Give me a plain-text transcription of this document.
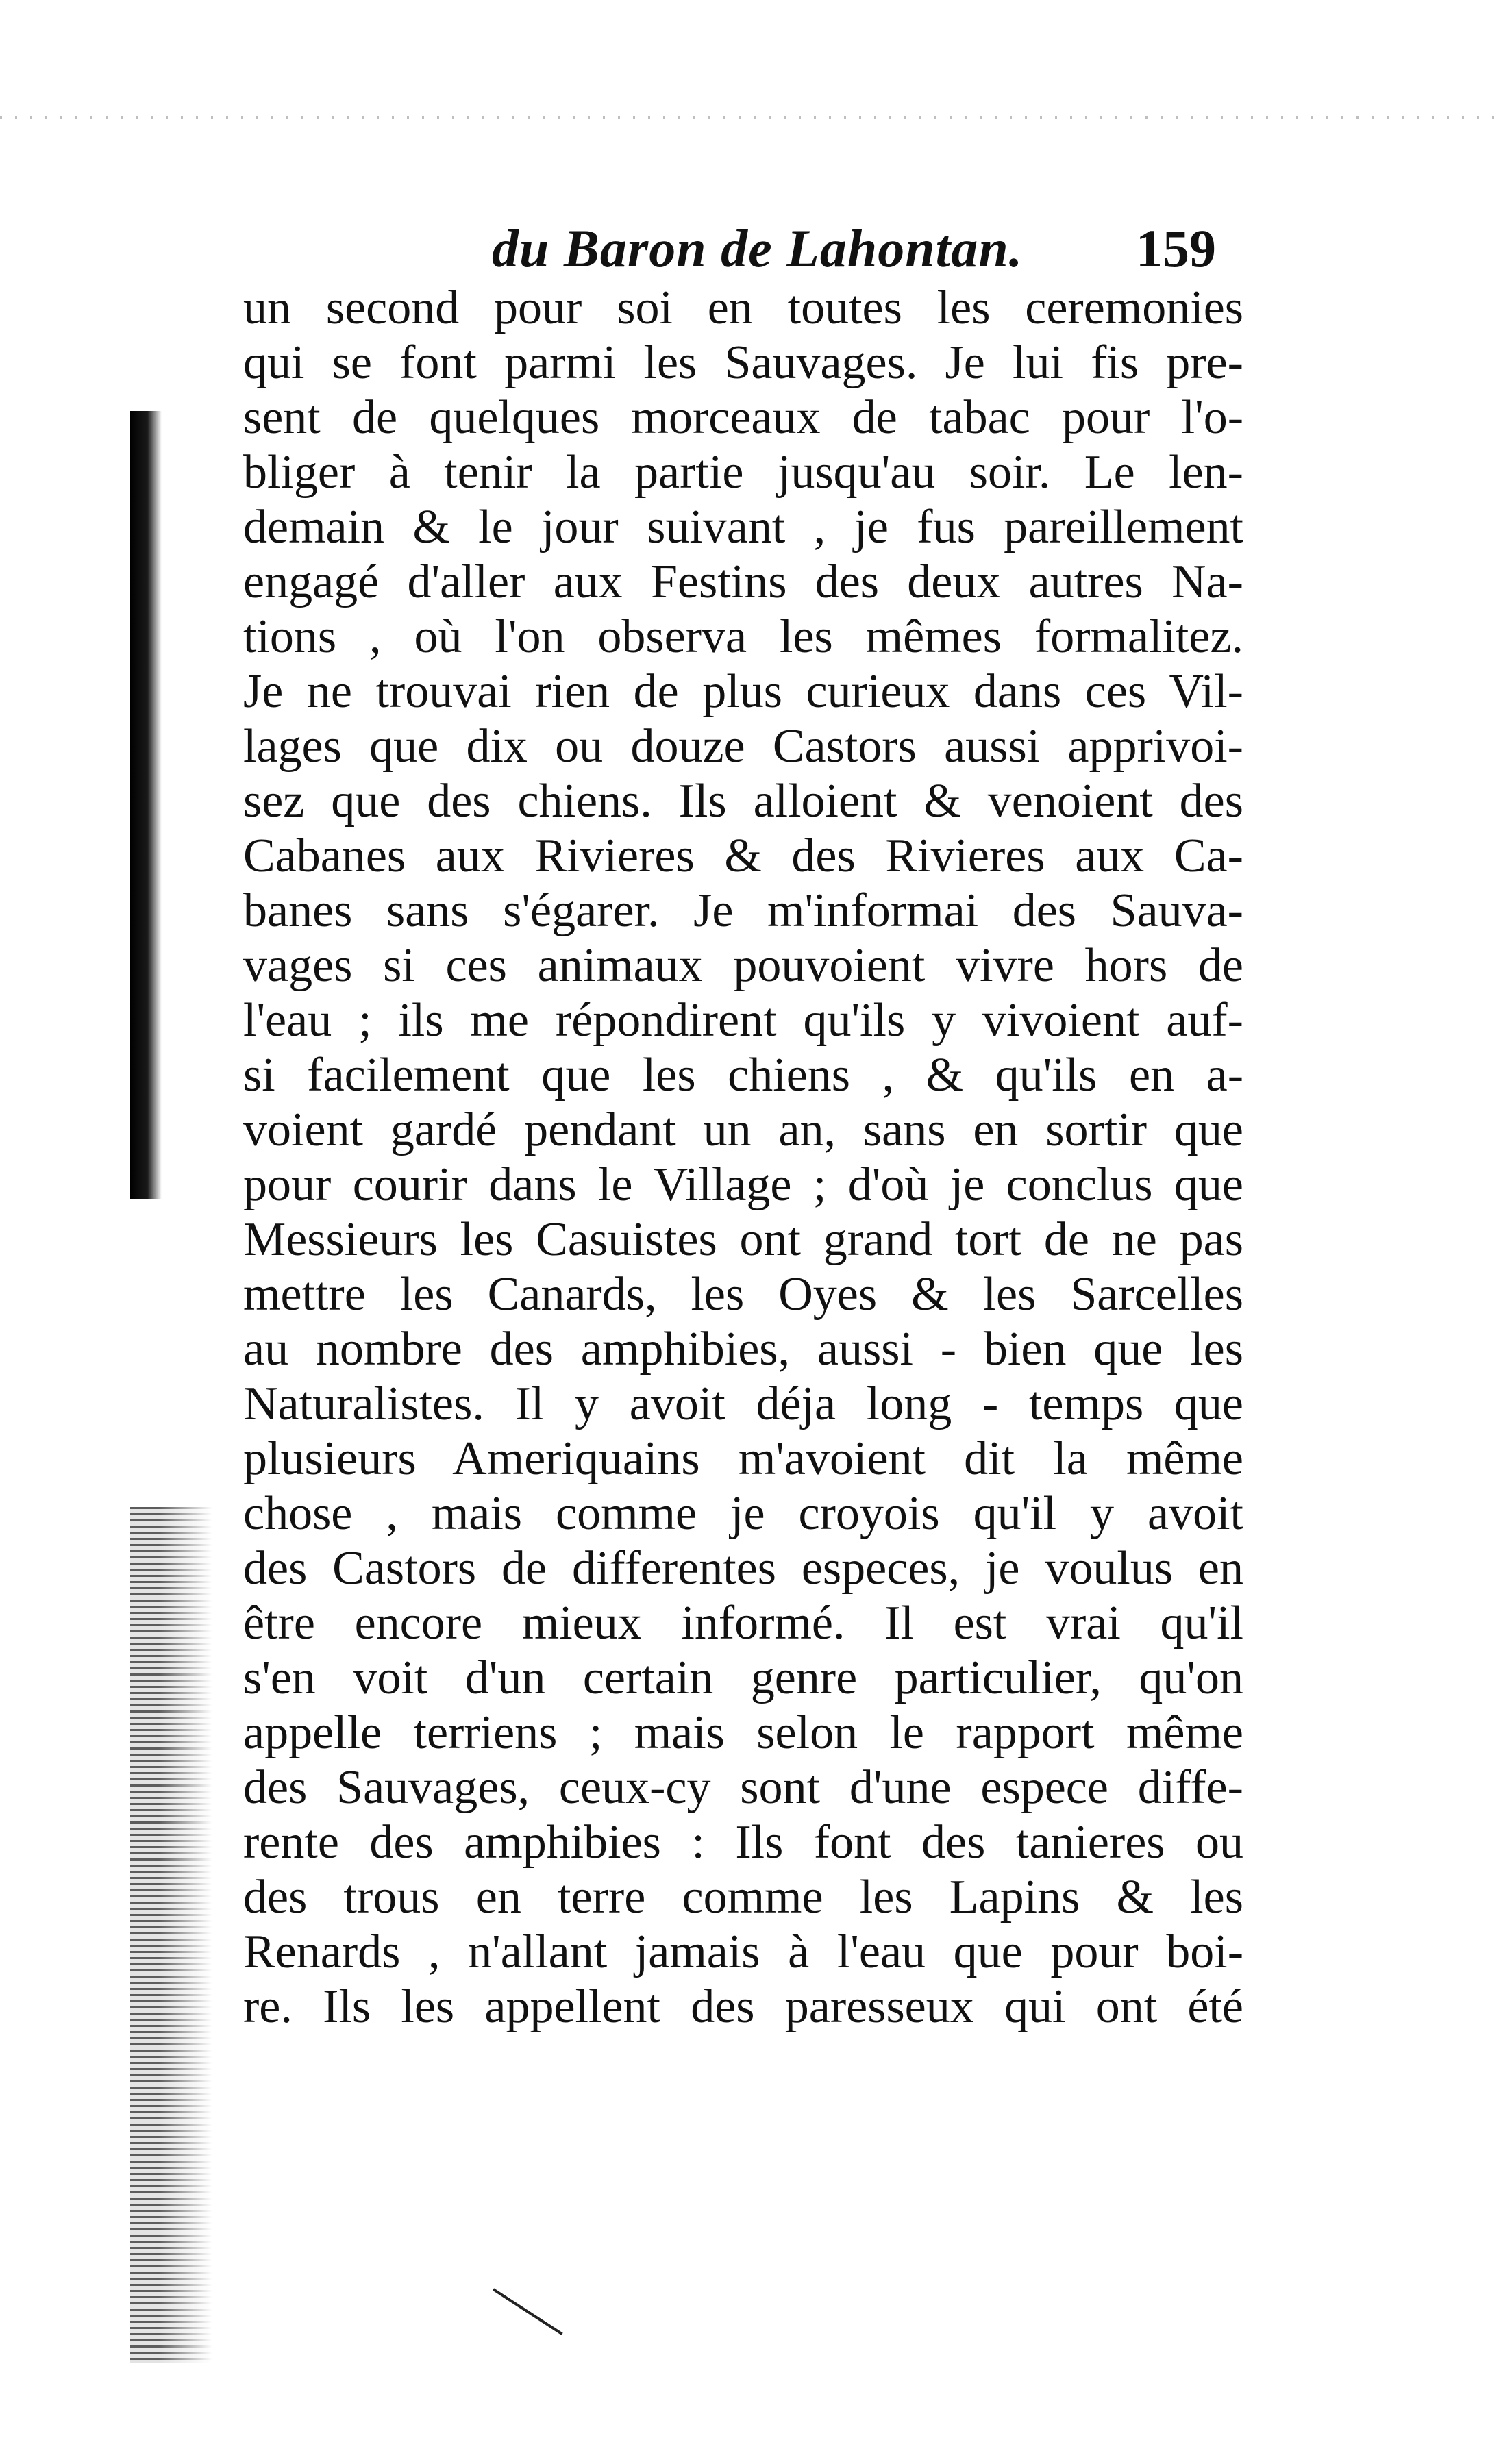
du Baron de Lahontan. 159
un second pour soi en toutes les ceremonies
qui se font parmi les Sauvages. Je lui fis pre-
sent de quelques morceaux de tabac pour l'o-
bliger à tenir la partie jusqu'au soir. Le len-
demain & le jour suivant , je fus pareillement
engagé d'aller aux Festins des deux autres Na-
tions , où l'on observa les mêmes formalitez.
Je ne trouvai rien de plus curieux dans ces Vil-
lages que dix ou douze Castors aussi apprivoi-
sez que des chiens. Ils alloient & venoient des
Cabanes aux Rivieres & des Rivieres aux Ca-
banes sans s'égarer. Je m'informai des Sauva-
vages si ces animaux pouvoient vivre hors de
l'eau ; ils me répondirent qu'ils y vivoient auf-
si facilement que les chiens , & qu'ils en a-
voient gardé pendant un an, sans en sortir que
pour courir dans le Village ; d'où je conclus que
Messieurs les Casuistes ont grand tort de ne pas
mettre les Canards, les Oyes & les Sarcelles
au nombre des amphibies, aussi - bien que les
Naturalistes. Il y avoit déja long - temps que
plusieurs Ameriquains m'avoient dit la même
chose , mais comme je croyois qu'il y avoit
des Castors de differentes especes, je voulus en
être encore mieux informé. Il est vrai qu'il
s'en voit d'un certain genre particulier, qu'on
appelle terriens ; mais selon le rapport même
des Sauvages, ceux-cy sont d'une espece diffe-
rente des amphibies : Ils font des tanieres ou
des trous en terre comme les Lapins & les
Renards , n'allant jamais à l'eau que pour boi-
re. Ils les appellent des paresseux qui ont été
